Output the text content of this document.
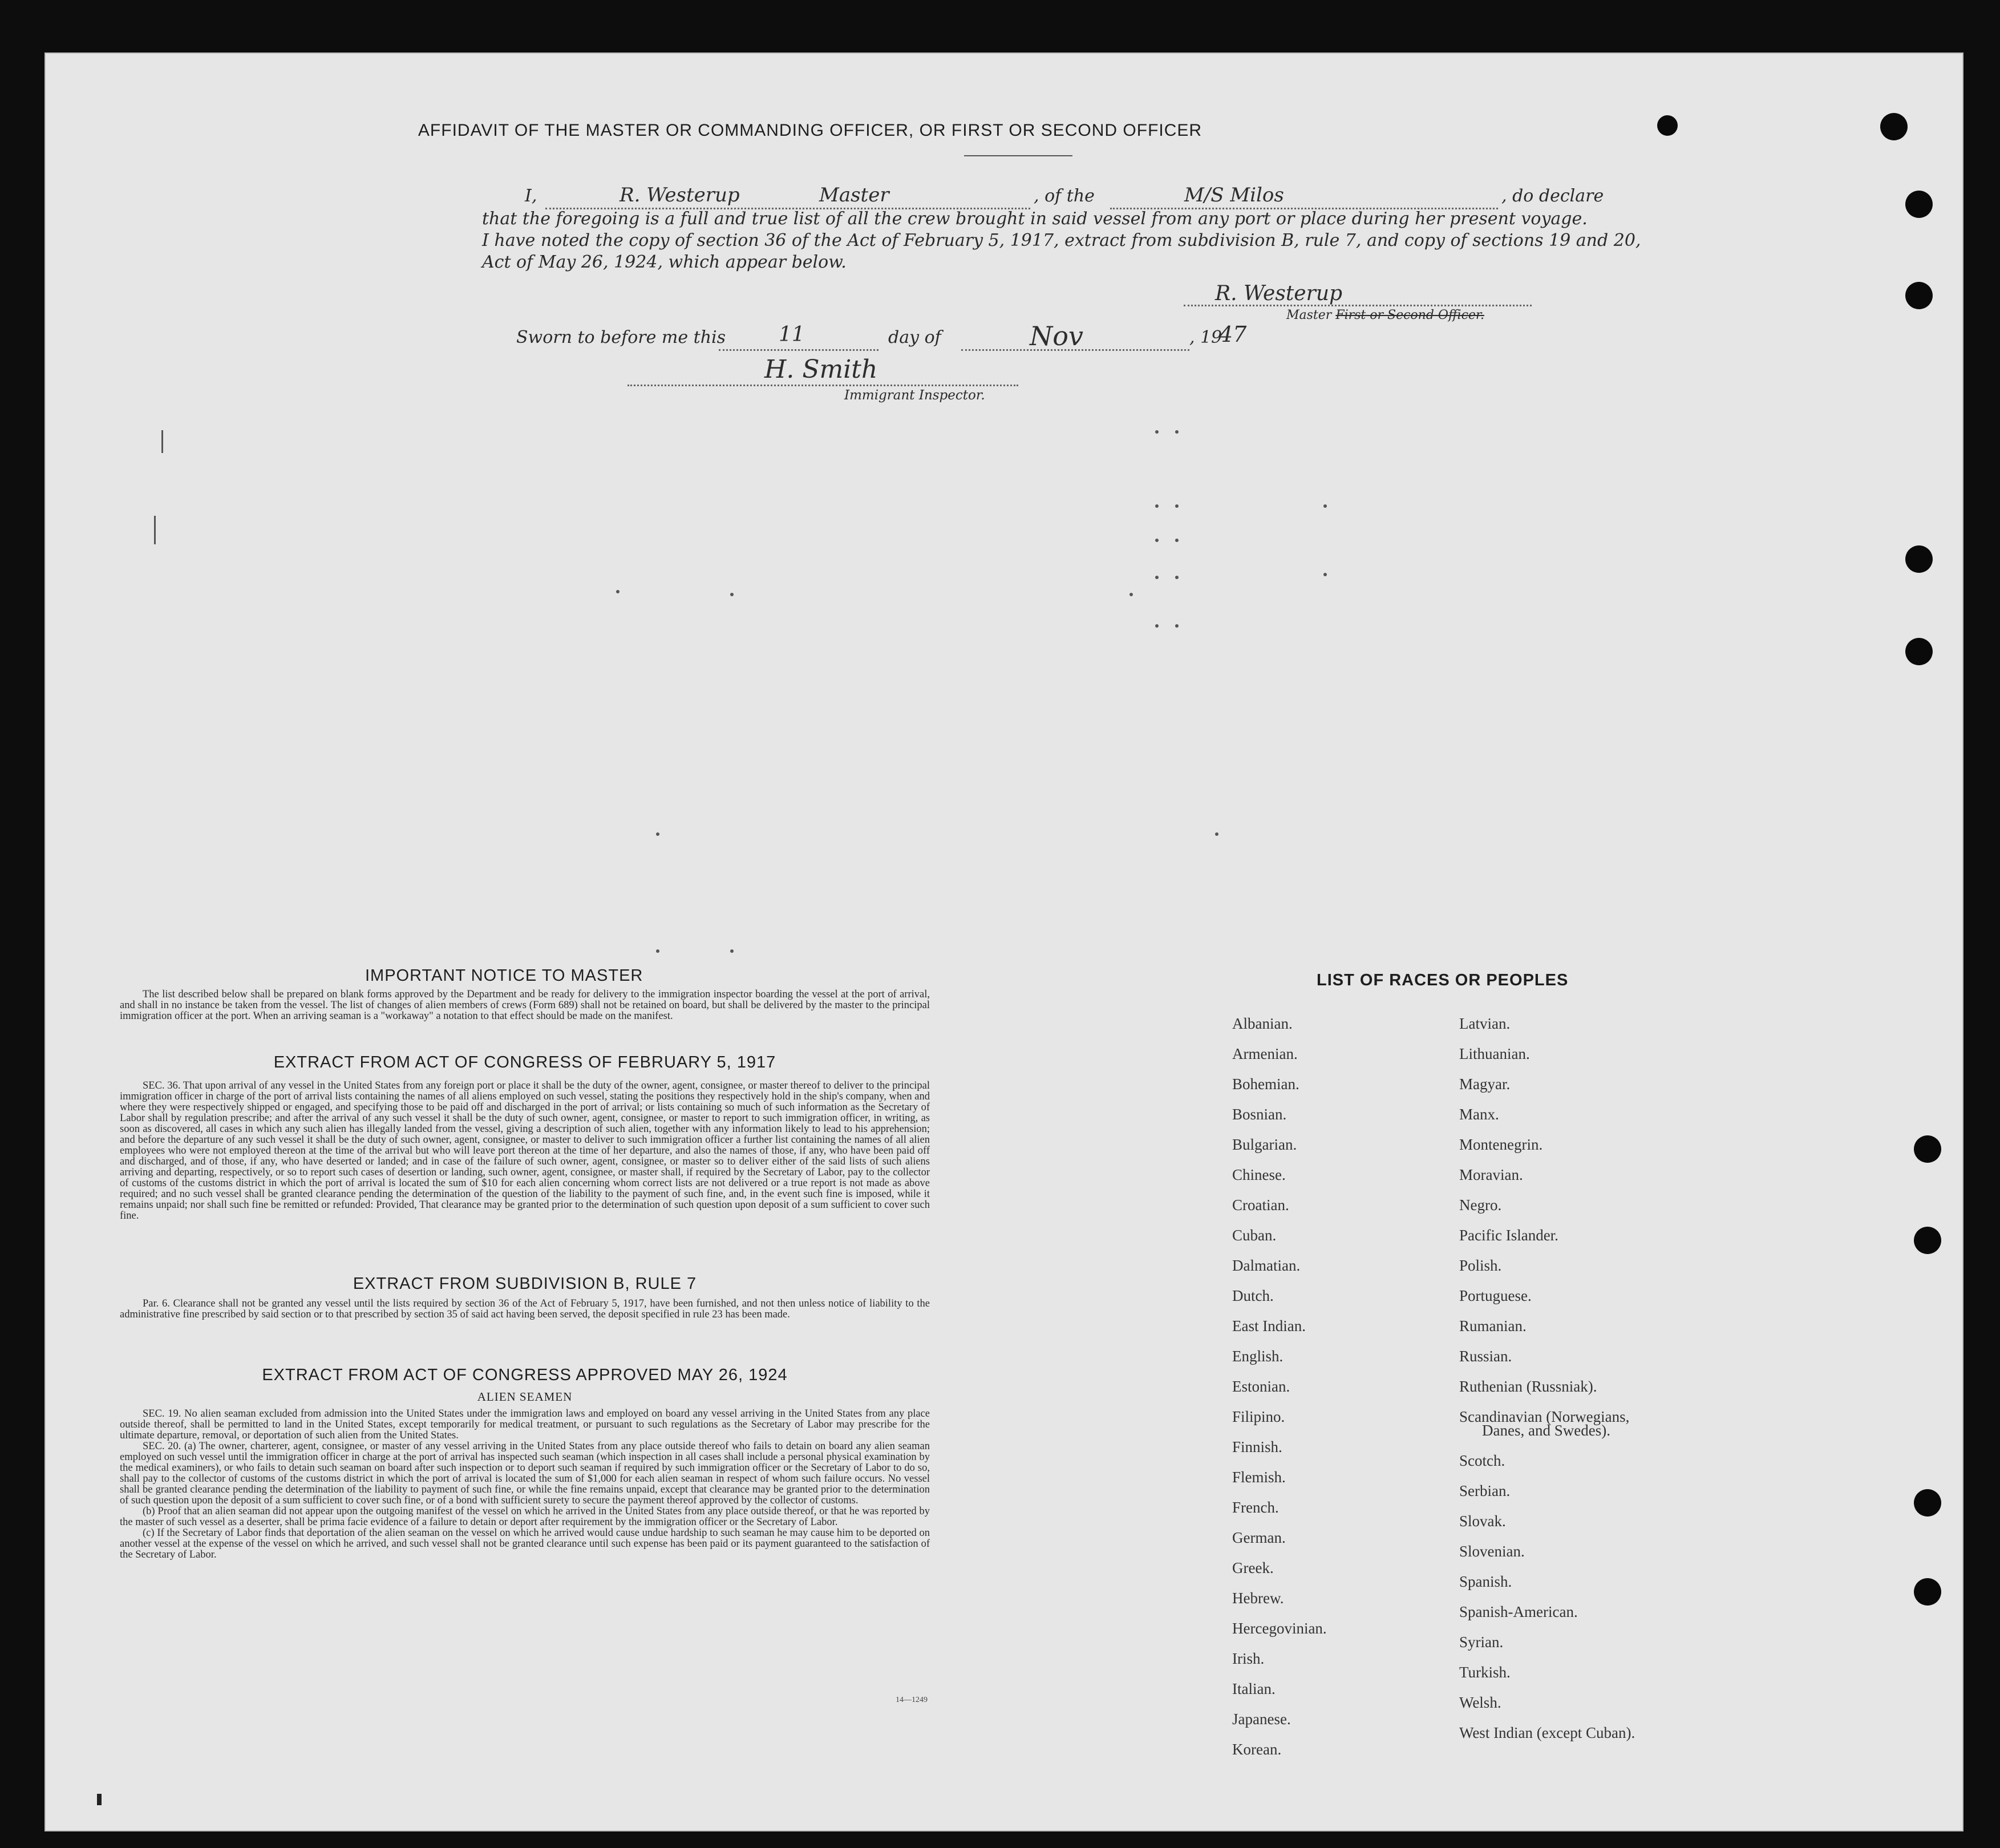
AFFIDAVIT OF THE MASTER OR COMMANDING OFFICER, OR FIRST OR SECOND OFFICER
I,	R. Westerup	Master	, of the	M/S Milos	, do declare
that the foregoing is a full and true list of all the crew brought in said vessel from any port or place during her present voyage.
I have noted the copy of section 36 of the Act of February 5, 1917, extract from subdivision B, rule 7, and copy of sections 19 and 20,
Act of May 26, 1924, which appear below.
R. Westerup
Master First or Second Officer.
Sworn to before me this	11	day of	Nov	, 19
47
H. Smith
Immigrant Inspector.
IMPORTANT NOTICE TO MASTER
The list described below shall be prepared on blank forms approved by the Department and be ready for delivery to the immigration inspector boarding the vessel at the port of arrival, and shall in no instance be taken from the vessel. The list of changes of alien members of crews (Form 689) shall not be retained on board, but shall be delivered by the master to the principal immigration officer at the port. When an arriving seaman is a "workaway" a notation to that effect should be made on the manifest.
EXTRACT FROM ACT OF CONGRESS OF FEBRUARY 5, 1917
SEC. 36. That upon arrival of any vessel in the United States from any foreign port or place it shall be the duty of the owner, agent, consignee, or master thereof to deliver to the principal immigration officer in charge of the port of arrival lists containing the names of all aliens employed on such vessel, stating the positions they respectively hold in the ship's company, when and where they were respectively shipped or engaged, and specifying those to be paid off and discharged in the port of arrival; or lists containing so much of such information as the Secretary of Labor shall by regulation prescribe; and after the arrival of any such vessel it shall be the duty of such owner, agent, consignee, or master to report to such immigration officer, in writing, as soon as discovered, all cases in which any such alien has illegally landed from the vessel, giving a description of such alien, together with any information likely to lead to his apprehension; and before the departure of any such vessel it shall be the duty of such owner, agent, consignee, or master to deliver to such immigration officer a further list containing the names of all alien employees who were not employed thereon at the time of the arrival but who will leave port thereon at the time of her departure, and also the names of those, if any, who have been paid off and discharged, and of those, if any, who have deserted or landed; and in case of the failure of such owner, agent, consignee, or master so to deliver either of the said lists of such aliens arriving and departing, respectively, or so to report such cases of desertion or landing, such owner, agent, consignee, or master shall, if required by the Secretary of Labor, pay to the collector of customs of the customs district in which the port of arrival is located the sum of $10 for each alien concerning whom correct lists are not delivered or a true report is not made as above required; and no such vessel shall be granted clearance pending the determination of the question of the liability to the payment of such fine, and, in the event such fine is imposed, while it remains unpaid; nor shall such fine be remitted or refunded: Provided, That clearance may be granted prior to the determination of such question upon deposit of a sum sufficient to cover such fine.
EXTRACT FROM SUBDIVISION B, RULE 7
Par. 6. Clearance shall not be granted any vessel until the lists required by section 36 of the Act of February 5, 1917, have been furnished, and not then unless notice of liability to the administrative fine prescribed by said section or to that prescribed by section 35 of said act having been served, the deposit specified in rule 23 has been made.
EXTRACT FROM ACT OF CONGRESS APPROVED MAY 26, 1924
ALIEN SEAMEN
SEC. 19. No alien seaman excluded from admission into the United States under the immigration laws and employed on board any vessel arriving in the United States from any place outside thereof, shall be permitted to land in the United States, except temporarily for medical treatment, or pursuant to such regulations as the Secretary of Labor may prescribe for the ultimate departure, removal, or deportation of such alien from the United States.
SEC. 20. (a) The owner, charterer, agent, consignee, or master of any vessel arriving in the United States from any place outside thereof who fails to detain on board any alien seaman employed on such vessel until the immigration officer in charge at the port of arrival has inspected such seaman (which inspection in all cases shall include a personal physical examination by the medical examiners), or who fails to detain such seaman on board after such inspection or to deport such seaman if required by such immigration officer or the Secretary of Labor to do so, shall pay to the collector of customs of the customs district in which the port of arrival is located the sum of $1,000 for each alien seaman in respect of whom such failure occurs. No vessel shall be granted clearance pending the determination of the liability to payment of such fine, or while the fine remains unpaid, except that clearance may be granted prior to the determination of such question upon the deposit of a sum sufficient to cover such fine, or of a bond with sufficient surety to secure the payment thereof approved by the collector of customs.
(b) Proof that an alien seaman did not appear upon the outgoing manifest of the vessel on which he arrived in the United States from any place outside thereof, or that he was reported by the master of such vessel as a deserter, shall be prima facie evidence of a failure to detain or deport after requirement by the immigration officer or the Secretary of Labor.
(c) If the Secretary of Labor finds that deportation of the alien seaman on the vessel on which he arrived would cause undue hardship to such seaman he may cause him to be deported on another vessel at the expense of the vessel on which he arrived, and such vessel shall not be granted clearance until such expense has been paid or its payment guaranteed to the satisfaction of the Secretary of Labor.
14—1249
LIST OF RACES OR PEOPLES
Albanian.
Armenian.
Bohemian.
Bosnian.
Bulgarian.
Chinese.
Croatian.
Cuban.
Dalmatian.
Dutch.
East Indian.
English.
Estonian.
Filipino.
Finnish.
Flemish.
French.
German.
Greek.
Hebrew.
Hercegovinian.
Irish.
Italian.
Japanese.
Korean.
Latvian.
Lithuanian.
Magyar.
Manx.
Montenegrin.
Moravian.
Negro.
Pacific Islander.
Polish.
Portuguese.
Rumanian.
Russian.
Ruthenian (Russniak).
Scandinavian (Norwegians,
Danes, and Swedes).
Scotch.
Serbian.
Slovak.
Slovenian.
Spanish.
Spanish-American.
Syrian.
Turkish.
Welsh.
West Indian (except Cuban).
